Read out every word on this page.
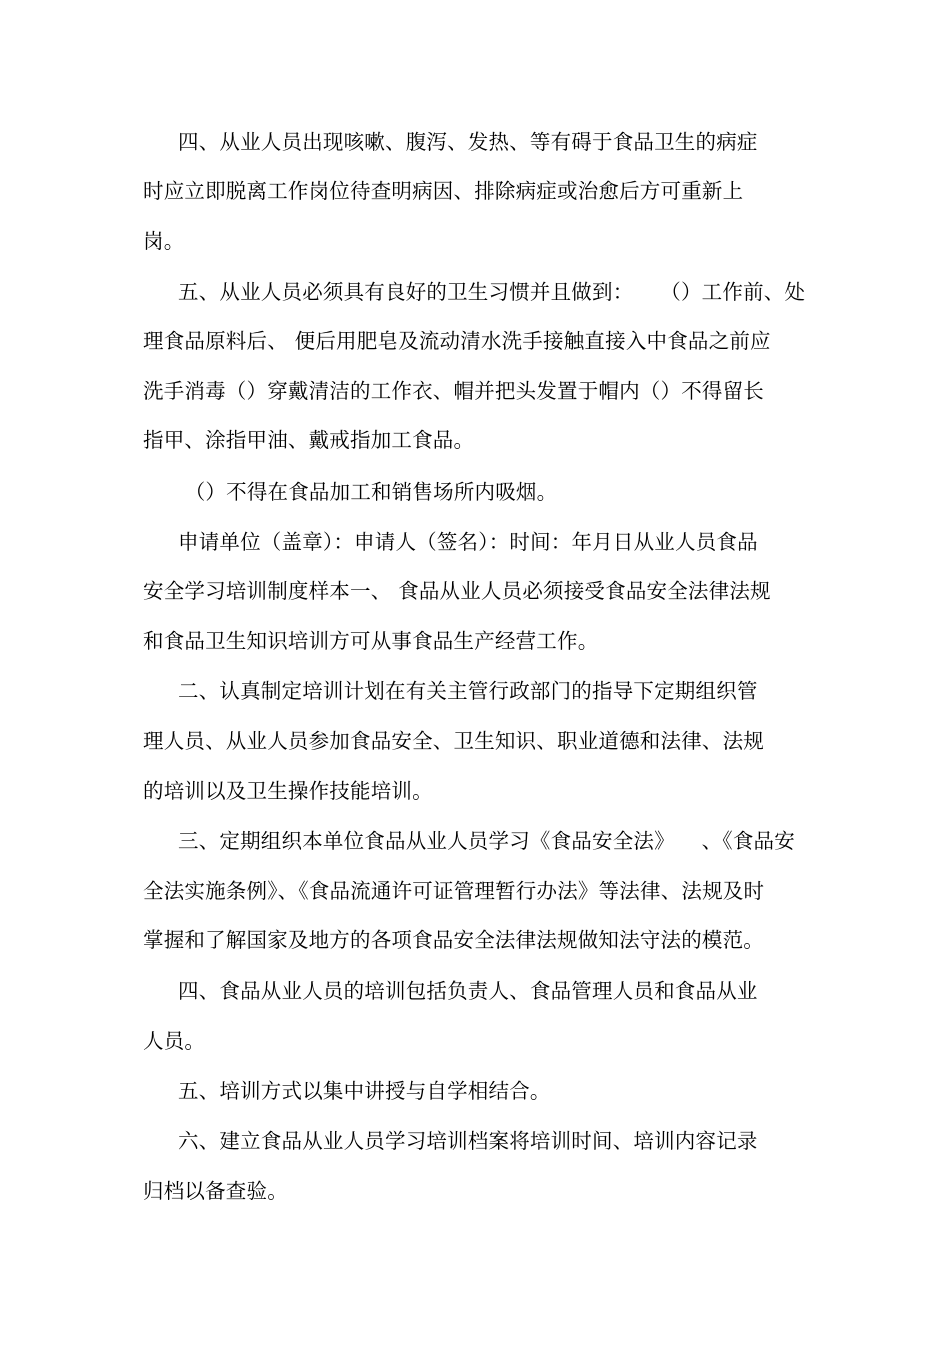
四、从业人员出现咳嗽、腹泻、发热、等有碍于食品卫生的病症
时应立即脱离工作岗位待查明病因、排除病症或治愈后方可重新上
岗。
五、从业人员必须具有良好的卫生习惯并且做到：    （）工作前、处
理食品原料后、 便后用肥皂及流动清水洗手接触直接入中食品之前应
洗手消毒（）穿戴清洁的工作衣、帽并把头发置于帽内（）不得留长
指甲、涂指甲油、戴戒指加工食品。
（）不得在食品加工和销售场所内吸烟。
申请单位（盖章）：申请人（签名）：时间：年月日从业人员食品
安全学习培训制度样本一、 食品从业人员必须接受食品安全法律法规
和食品卫生知识培训方可从事食品生产经营工作。
二、认真制定培训计划在有关主管行政部门的指导下定期组织管
理人员、从业人员参加食品安全、卫生知识、职业道德和法律、法规
的培训以及卫生操作技能培训。
三、定期组织本单位食品从业人员学习《食品安全法》    、《食品安
全法实施条例》、《食品流通许可证管理暂行办法》等法律、法规及时
掌握和了解国家及地方的各项食品安全法律法规做知法守法的模范。
四、食品从业人员的培训包括负责人、食品管理人员和食品从业
人员。
五、培训方式以集中讲授与自学相结合。
六、建立食品从业人员学习培训档案将培训时间、培训内容记录
归档以备查验。
